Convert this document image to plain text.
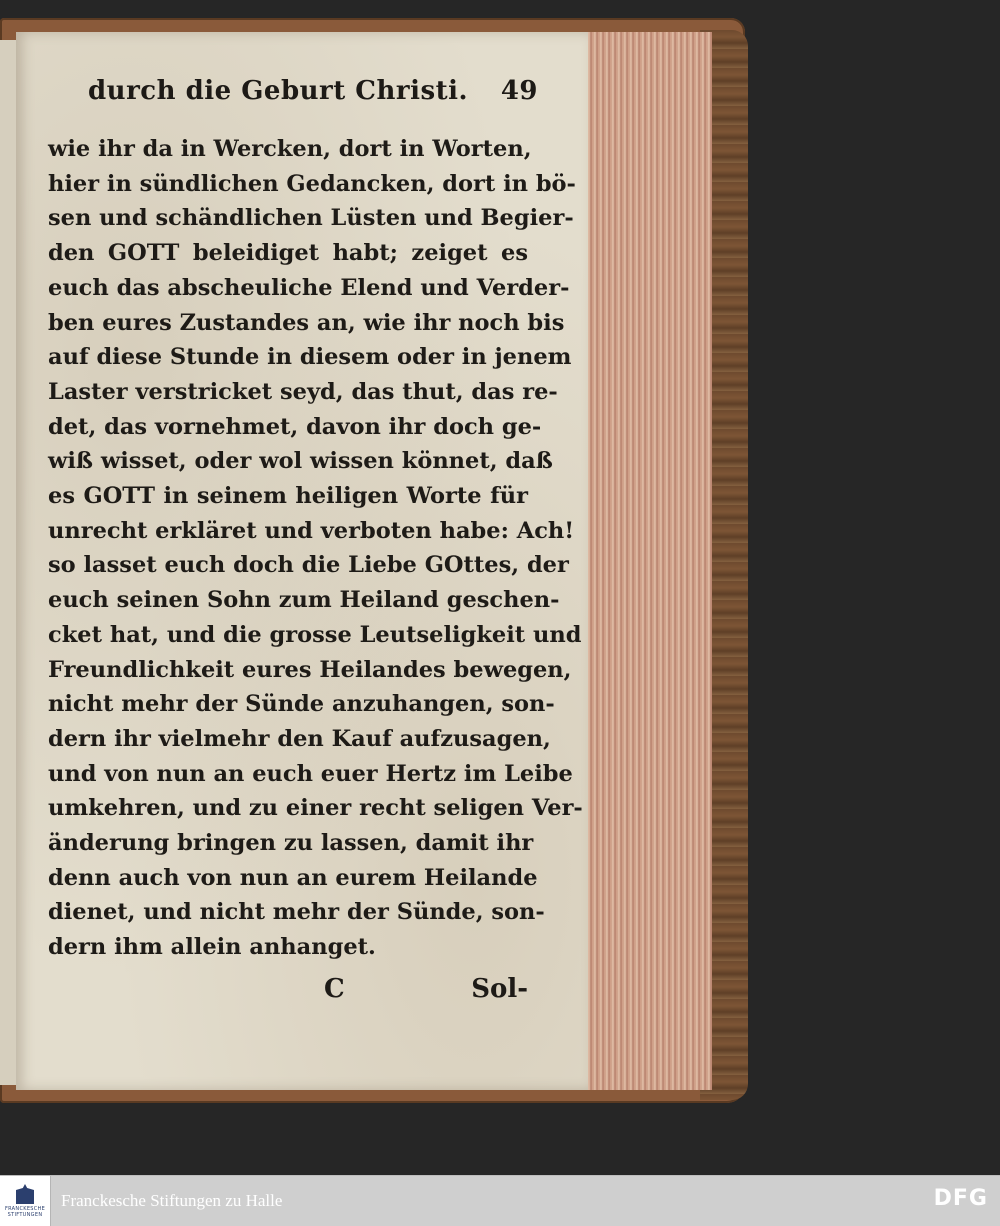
durch die Geburt Christi. 49
wie ihr da in Wercken, dort in Worten,
hier in sündlichen Gedancken, dort in bö-
sen und schändlichen Lüsten und Begier-
den GOTT beleidiget habt; zeiget es
euch das abscheuliche Elend und Verder-
ben eures Zustandes an, wie ihr noch bis
auf diese Stunde in diesem oder in jenem
Laster verstricket seyd, das thut, das re-
det, das vornehmet, davon ihr doch ge-
wiß wisset, oder wol wissen könnet, daß
es GOTT in seinem heiligen Worte für
unrecht erkläret und verboten habe: Ach!
so lasset euch doch die Liebe GOttes, der
euch seinen Sohn zum Heiland geschen-
cket hat, und die grosse Leutseligkeit und
Freundlichkeit eures Heilandes bewegen,
nicht mehr der Sünde anzuhangen, son-
dern ihr vielmehr den Kauf aufzusagen,
und von nun an euch euer Hertz im Leibe
umkehren, und zu einer recht seligen Ver-
änderung bringen zu lassen, damit ihr
denn auch von nun an eurem Heilande
dienet, und nicht mehr der Sünde, son-
dern ihm allein anhanget.
C	Sol-
FRANCKESCHE STIFTUNGEN
Franckesche Stiftungen zu Halle	DFG
